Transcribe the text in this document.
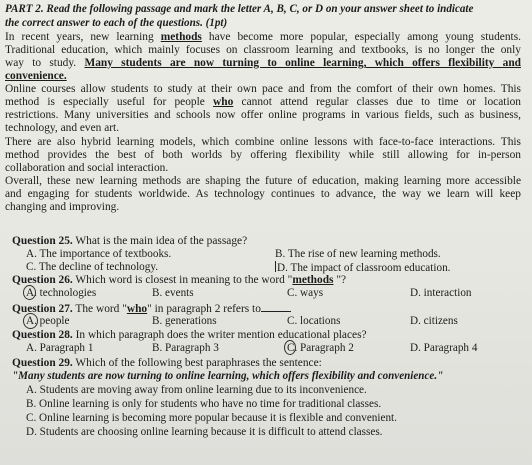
PART 2. Read the following passage and mark the letter A, B, C, or D on your answer sheet to indicate
the correct answer to each of the questions. (1pt)
In recent years, new learning methods have become more popular, especially among young students.
Traditional education, which mainly focuses on classroom learning and textbooks, is no longer the only
way to study. Many students are now turning to online learning, which offers flexibility and
convenience.
Online courses allow students to study at their own pace and from the comfort of their own homes. This
method is especially useful for people who cannot attend regular classes due to time or location
restrictions. Many universities and schools now offer online programs in various fields, such as business,
technology, and even art.
There are also hybrid learning models, which combine online lessons with face-to-face interactions. This
method provides the best of both worlds by offering flexibility while still allowing for in-person
collaboration and social interaction.
Overall, these new learning methods are shaping the future of education, making learning more accessible
and engaging for students worldwide. As technology continues to advance, the way we learn will keep
changing and improving.
Question 25. What is the main idea of the passage?
A. The importance of textbooks.	B. The rise of new learning methods.
C. The decline of technology.	D. The impact of classroom education.
Question 26. Which word is closest in meaning to the word "methods "?
A. technologies	B. events	C. ways	D. interaction
Question 27. The word "who" in paragraph 2 refers to
A. people	B. generations	C. locations	D. citizens
Question 28. In which paragraph does the writer mention educational places?
A. Paragraph 1	B. Paragraph 3	C. Paragraph 2	D. Paragraph 4
Question 29. Which of the following best paraphrases the sentence:
"Many students are now turning to online learning, which offers flexibility and convenience."
A. Students are moving away from online learning due to its inconvenience.
B. Online learning is only for students who have no time for traditional classes.
C. Online learning is becoming more popular because it is flexible and convenient.
D. Students are choosing online learning because it is difficult to attend classes.
